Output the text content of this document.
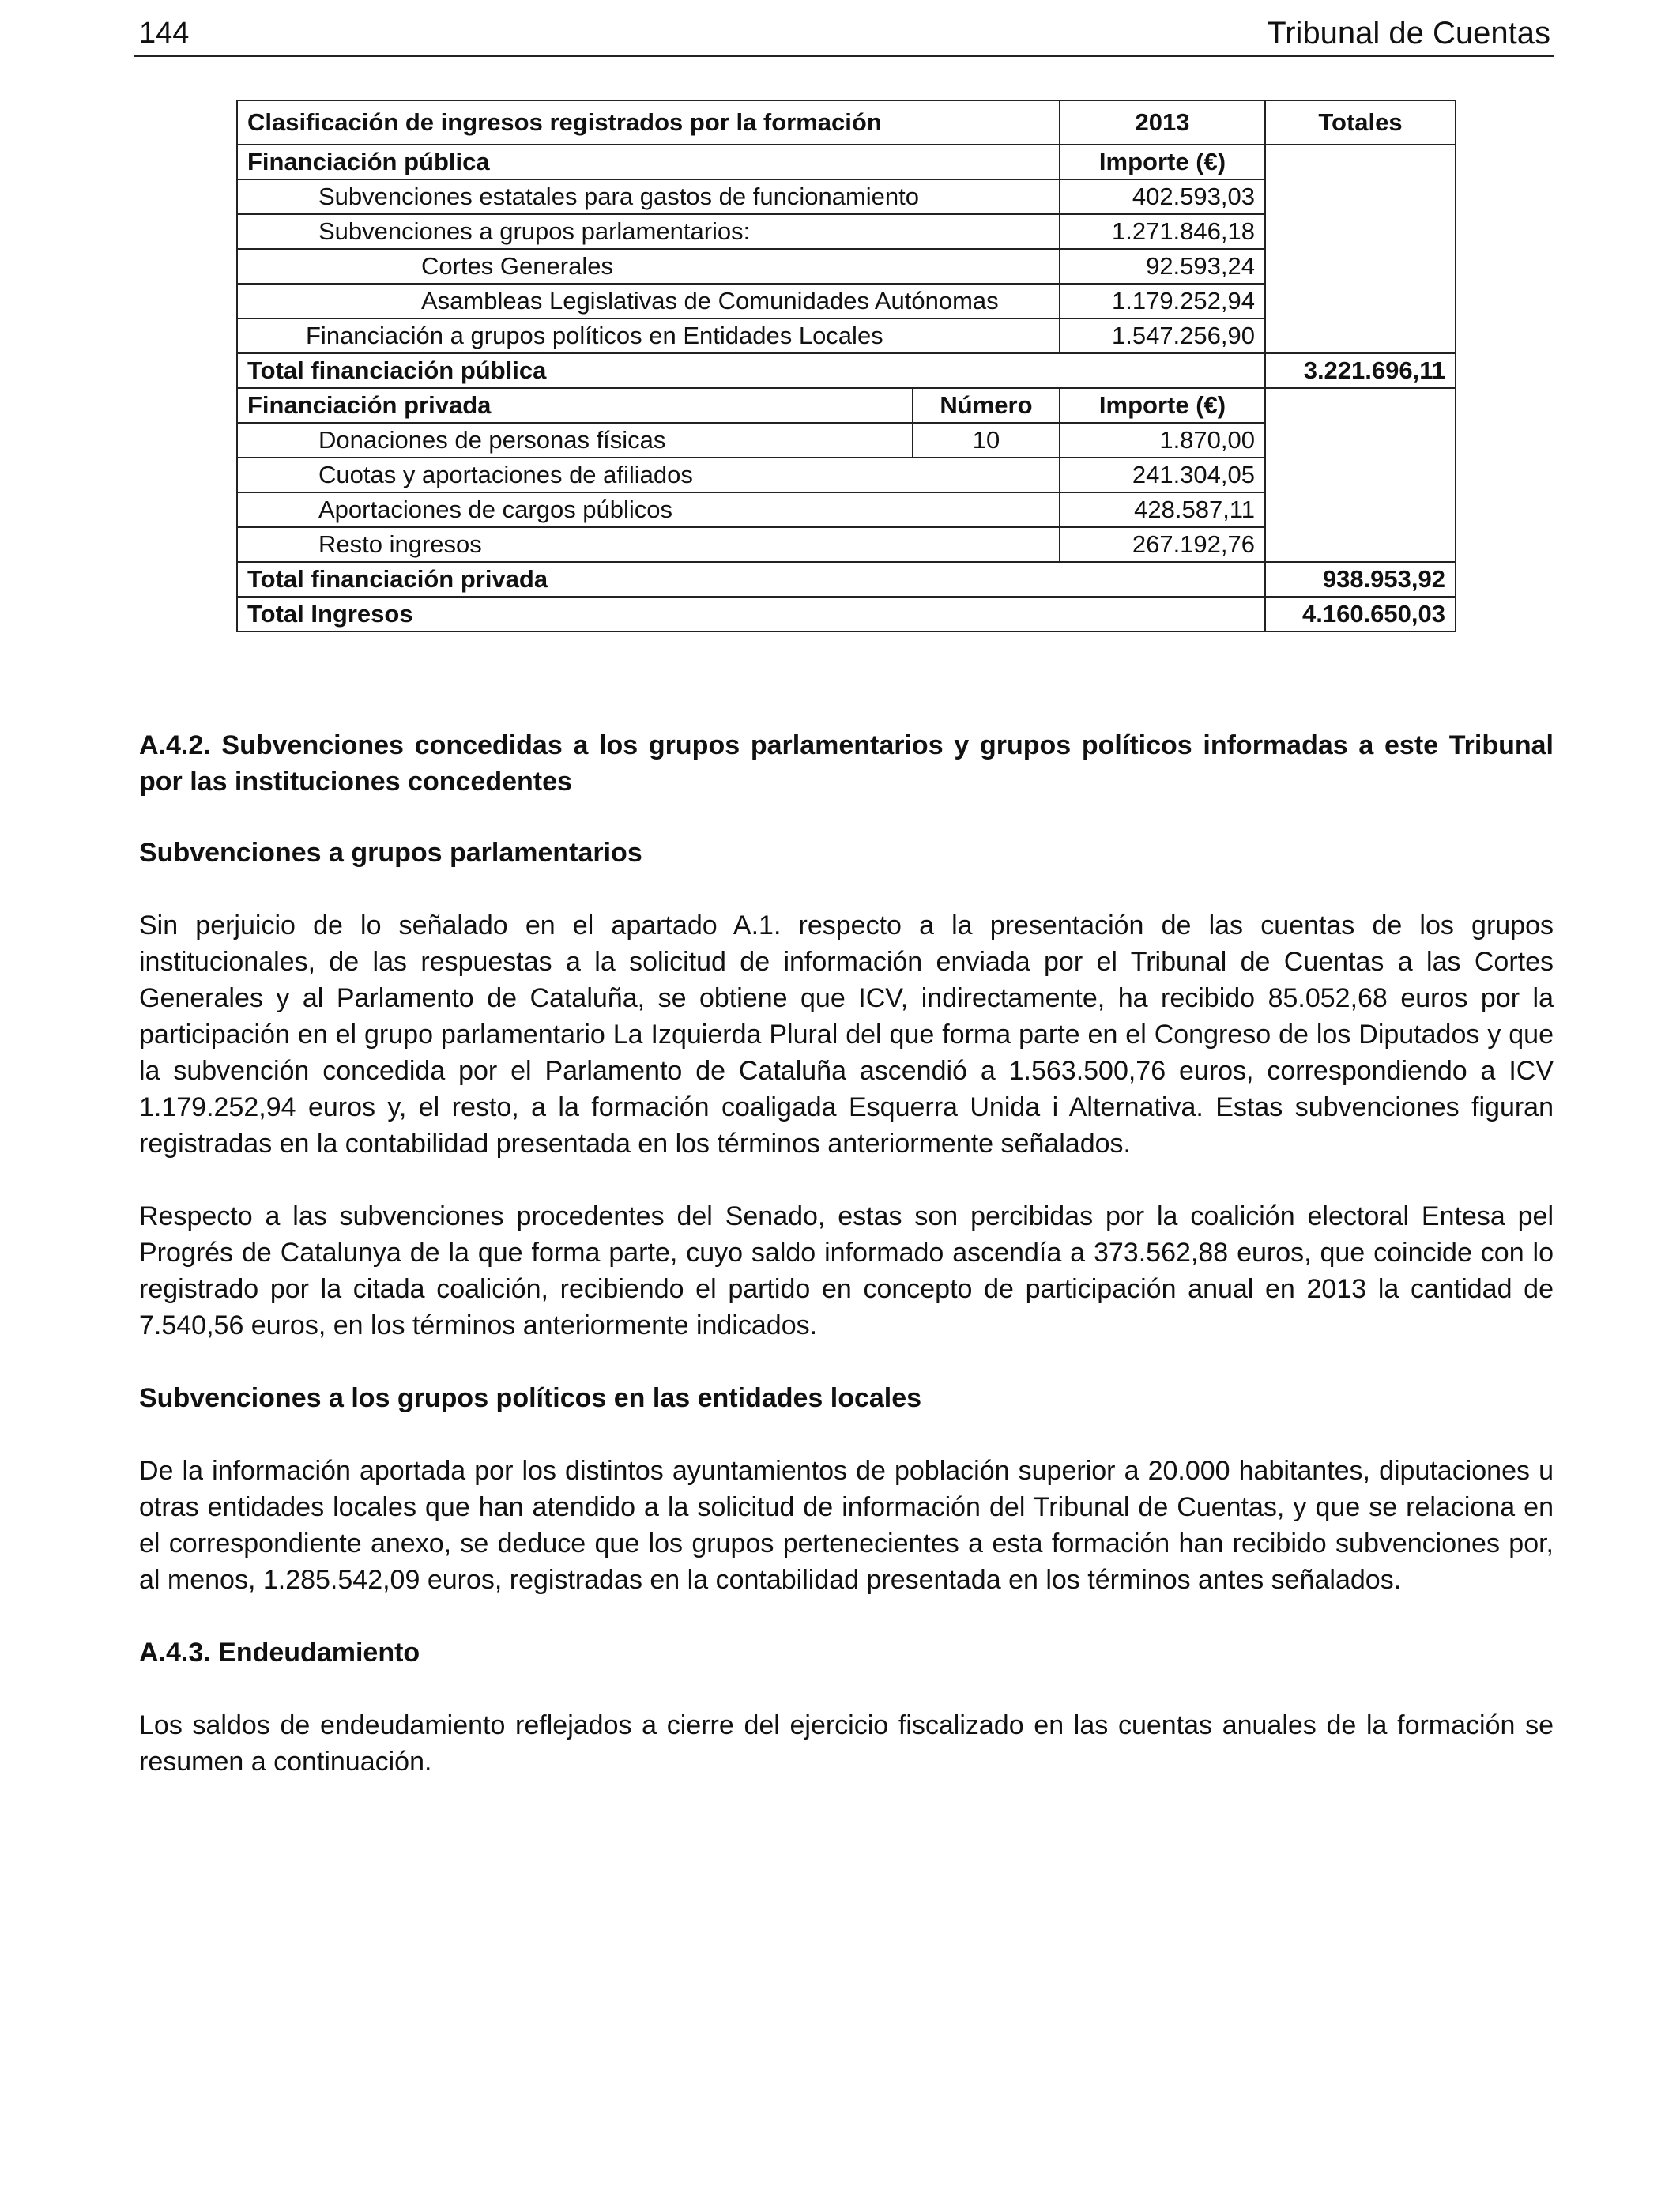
144	Tribunal de Cuentas
Clasificación de ingresos registrados por la formación		2013	Totales
Financiación pública		Importe (€)	
Subvenciones estatales para gastos de funcionamiento		402.593,03	
Subvenciones a grupos parlamentarios:		1.271.846,18	
Cortes Generales		92.593,24	
Asambleas Legislativas de Comunidades Autónomas		1.179.252,94	
Financiación a grupos políticos en Entidades Locales		1.547.256,90	
Total financiación pública			3.221.696,11
Financiación privada	Número	Importe (€)	
Donaciones de personas físicas	10	1.870,00	
Cuotas y aportaciones de afiliados		241.304,05	
Aportaciones de cargos públicos		428.587,11	
Resto ingresos		267.192,76	
Total financiación privada			938.953,92
Total Ingresos			4.160.650,03

A.4.2. Subvenciones concedidas a los grupos parlamentarios y grupos políticos informadas a este Tribunal por las instituciones concedentes

Subvenciones a grupos parlamentarios

Sin perjuicio de lo señalado en el apartado A.1. respecto a la presentación de las cuentas de los grupos institucionales, de las respuestas a la solicitud de información enviada por el Tribunal de Cuentas a las Cortes Generales y al Parlamento de Cataluña, se obtiene que ICV, indirectamente, ha recibido 85.052,68 euros por la participación en el grupo parlamentario La Izquierda Plural del que forma parte en el Congreso de los Diputados y que la subvención concedida por el Parlamento de Cataluña ascendió a 1.563.500,76 euros, correspondiendo a ICV 1.179.252,94 euros y, el resto, a la formación coaligada Esquerra Unida i Alternativa. Estas subvenciones figuran registradas en la contabilidad presentada en los términos anteriormente señalados.

Respecto a las subvenciones procedentes del Senado, estas son percibidas por la coalición electoral Entesa pel Progrés de Catalunya de la que forma parte, cuyo saldo informado ascendía a 373.562,88 euros, que coincide con lo registrado por la citada coalición, recibiendo el partido en concepto de participación anual en 2013 la cantidad de 7.540,56 euros, en los términos anteriormente indicados.

Subvenciones a los grupos políticos en las entidades locales

De la información aportada por los distintos ayuntamientos de población superior a 20.000 habitantes, diputaciones u otras entidades locales que han atendido a la solicitud de información del Tribunal de Cuentas, y que se relaciona en el correspondiente anexo, se deduce que los grupos pertenecientes a esta formación han recibido subvenciones por, al menos, 1.285.542,09 euros, registradas en la contabilidad presentada en los términos antes señalados.

A.4.3. Endeudamiento

Los saldos de endeudamiento reflejados a cierre del ejercicio fiscalizado en las cuentas anuales de la formación se resumen a continuación.
